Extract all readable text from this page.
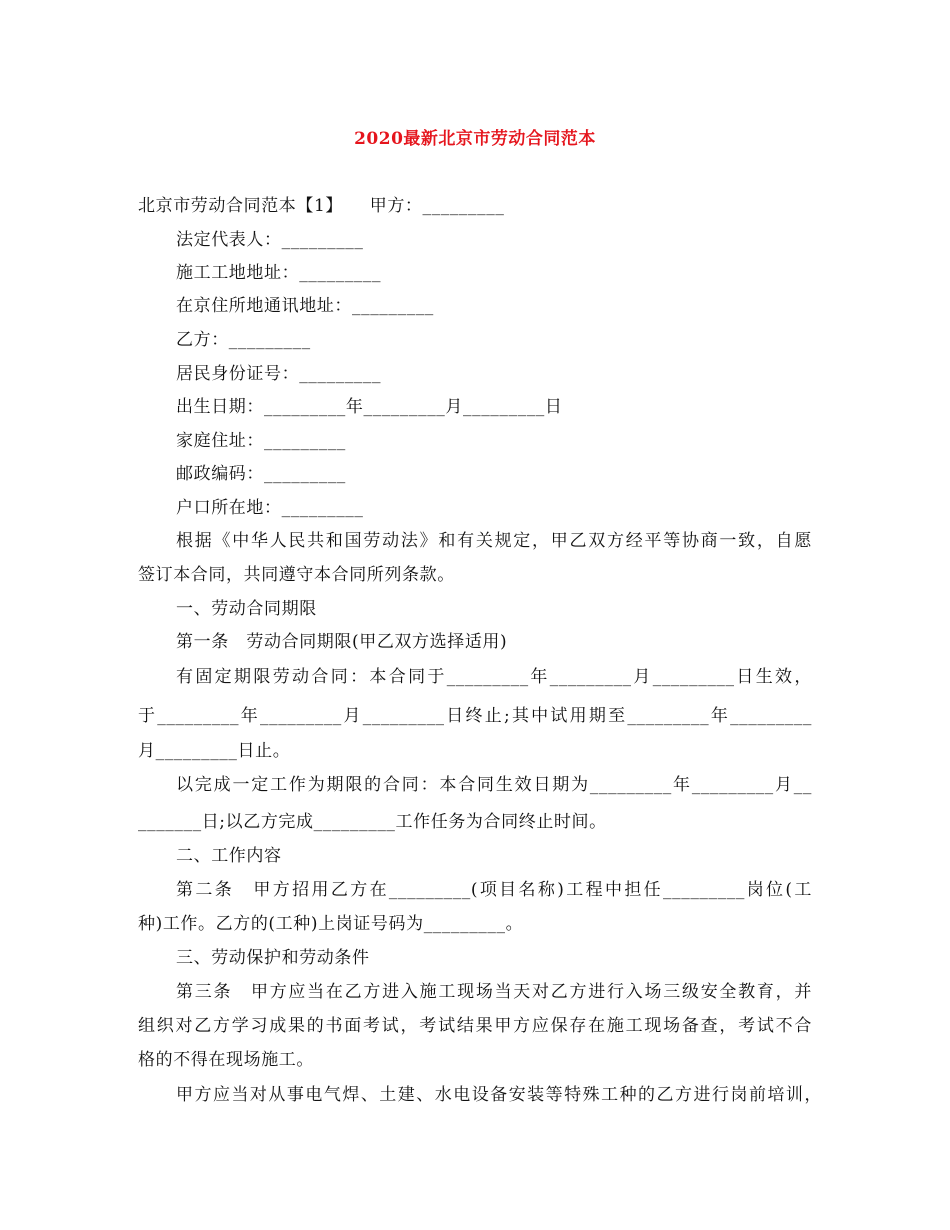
2020最新北京市劳动合同范本
北京市劳动合同范本【1】　　甲方：_________
法定代表人：_________
施工工地地址：_________
在京住所地通讯地址：_________
乙方：_________
居民身份证号：_________
出生日期：_________年_________月_________日
家庭住址：_________
邮政编码：_________
户口所在地：_________
根据《中华人民共和国劳动法》和有关规定，甲乙双方经平等协商一致，自愿
签订本合同，共同遵守本合同所列条款。
一、劳动合同期限
第一条　劳动合同期限(甲乙双方选择适用)
有固定期限劳动合同：本合同于_________年_________月_________日生效，
于_________年_________月_________日终止;其中试用期至_________年_________
月_________日止。
以完成一定工作为期限的合同：本合同生效日期为_________年_________月__
_______日;以乙方完成_________工作任务为合同终止时间。
二、工作内容
第二条　甲方招用乙方在_________(项目名称)工程中担任_________岗位(工
种)工作。乙方的(工种)上岗证号码为_________。
三、劳动保护和劳动条件
第三条　甲方应当在乙方进入施工现场当天对乙方进行入场三级安全教育，并
组织对乙方学习成果的书面考试，考试结果甲方应保存在施工现场备查，考试不合
格的不得在现场施工。
甲方应当对从事电气焊、土建、水电设备安装等特殊工种的乙方进行岗前培训，
